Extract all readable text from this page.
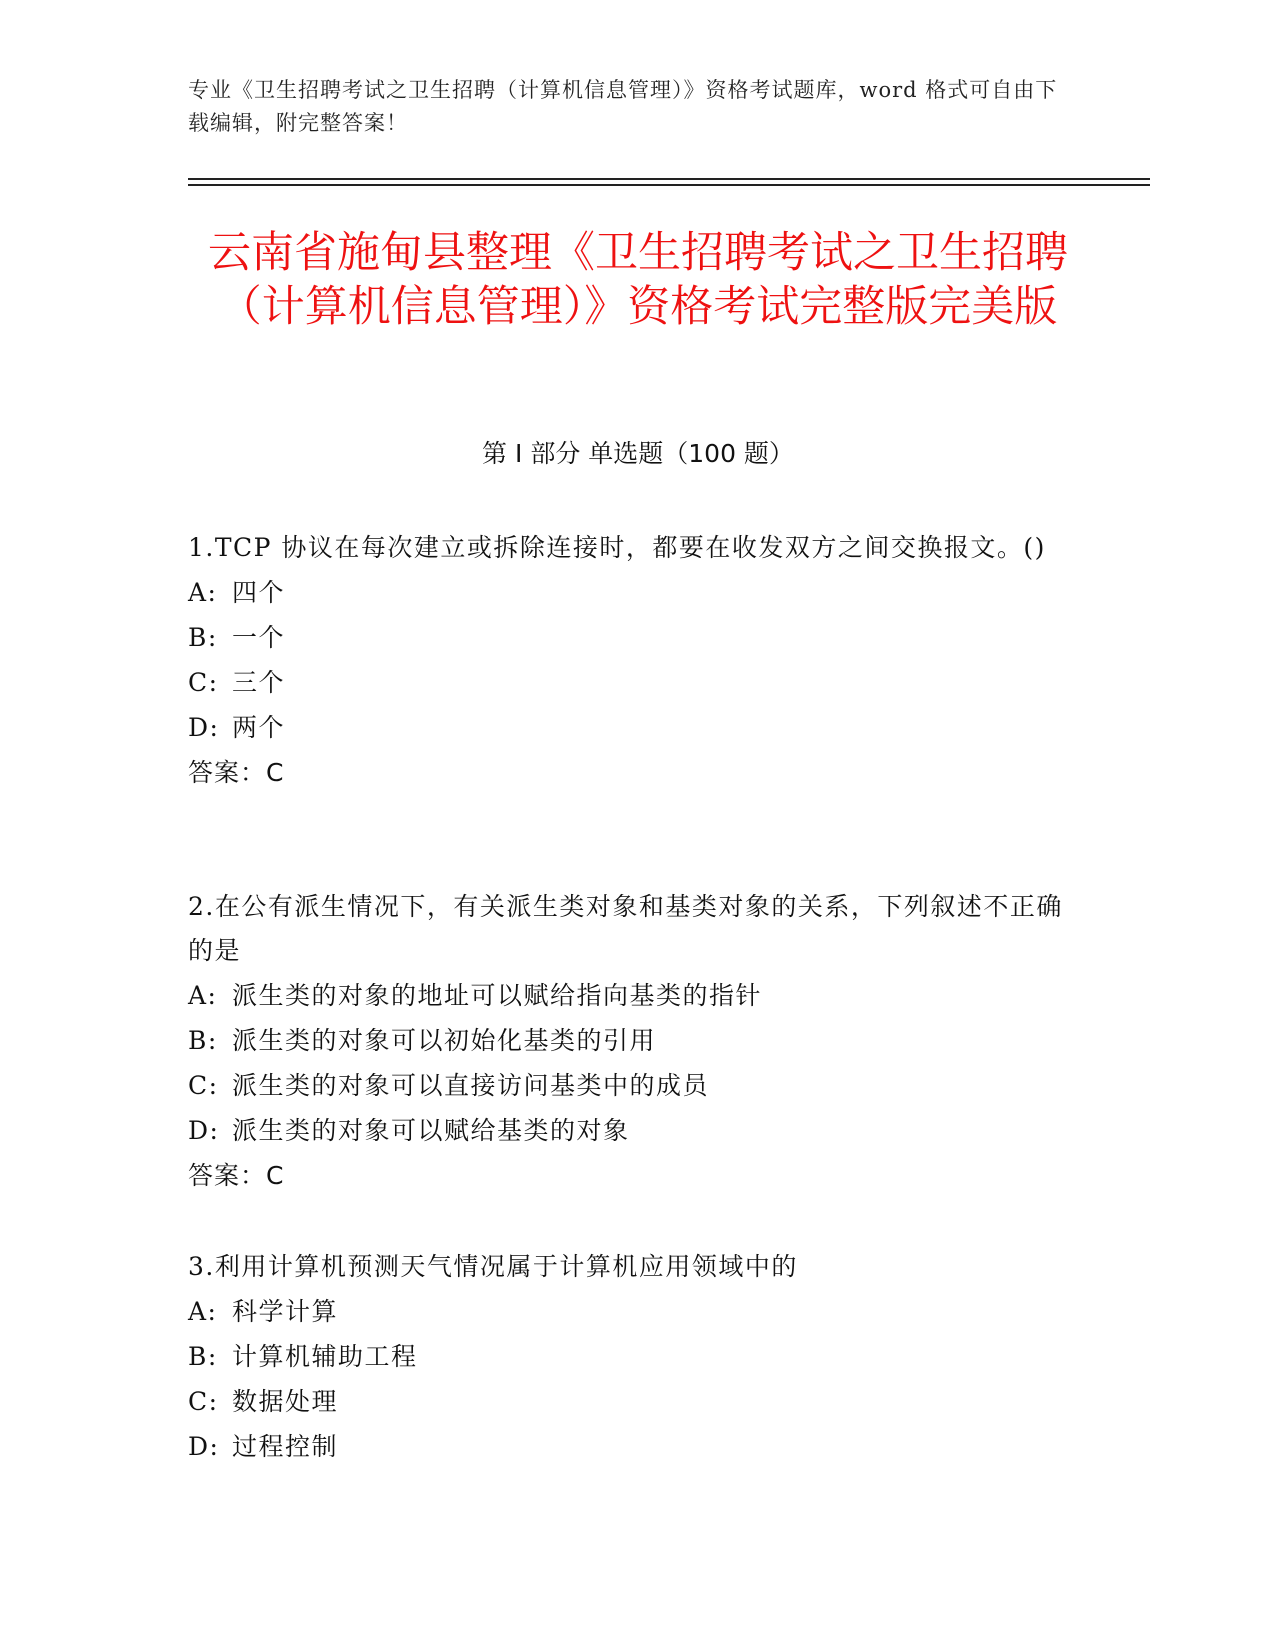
专业《卫生招聘考试之卫生招聘（计算机信息管理）》资格考试题库，word 格式可自由下载编辑，附完整答案！

云南省施甸县整理《卫生招聘考试之卫生招聘（计算机信息管理）》资格考试完整版完美版
第 I 部分 单选题（100 题）

1.TCP 协议在每次建立或拆除连接时，都要在收发双方之间交换报文。()

A: 四个
B: 一个
C: 三个
D: 两个

答案：C

2.在公有派生情况下，有关派生类对象和基类对象的关系，下列叙述不正确的是

A: 派生类的对象的地址可以赋给指向基类的指针
B: 派生类的对象可以初始化基类的引用
C: 派生类的对象可以直接访问基类中的成员
D: 派生类的对象可以赋给基类的对象

答案：C

3.利用计算机预测天气情况属于计算机应用领域中的

A: 科学计算
B: 计算机辅助工程
C: 数据处理
D: 过程控制
